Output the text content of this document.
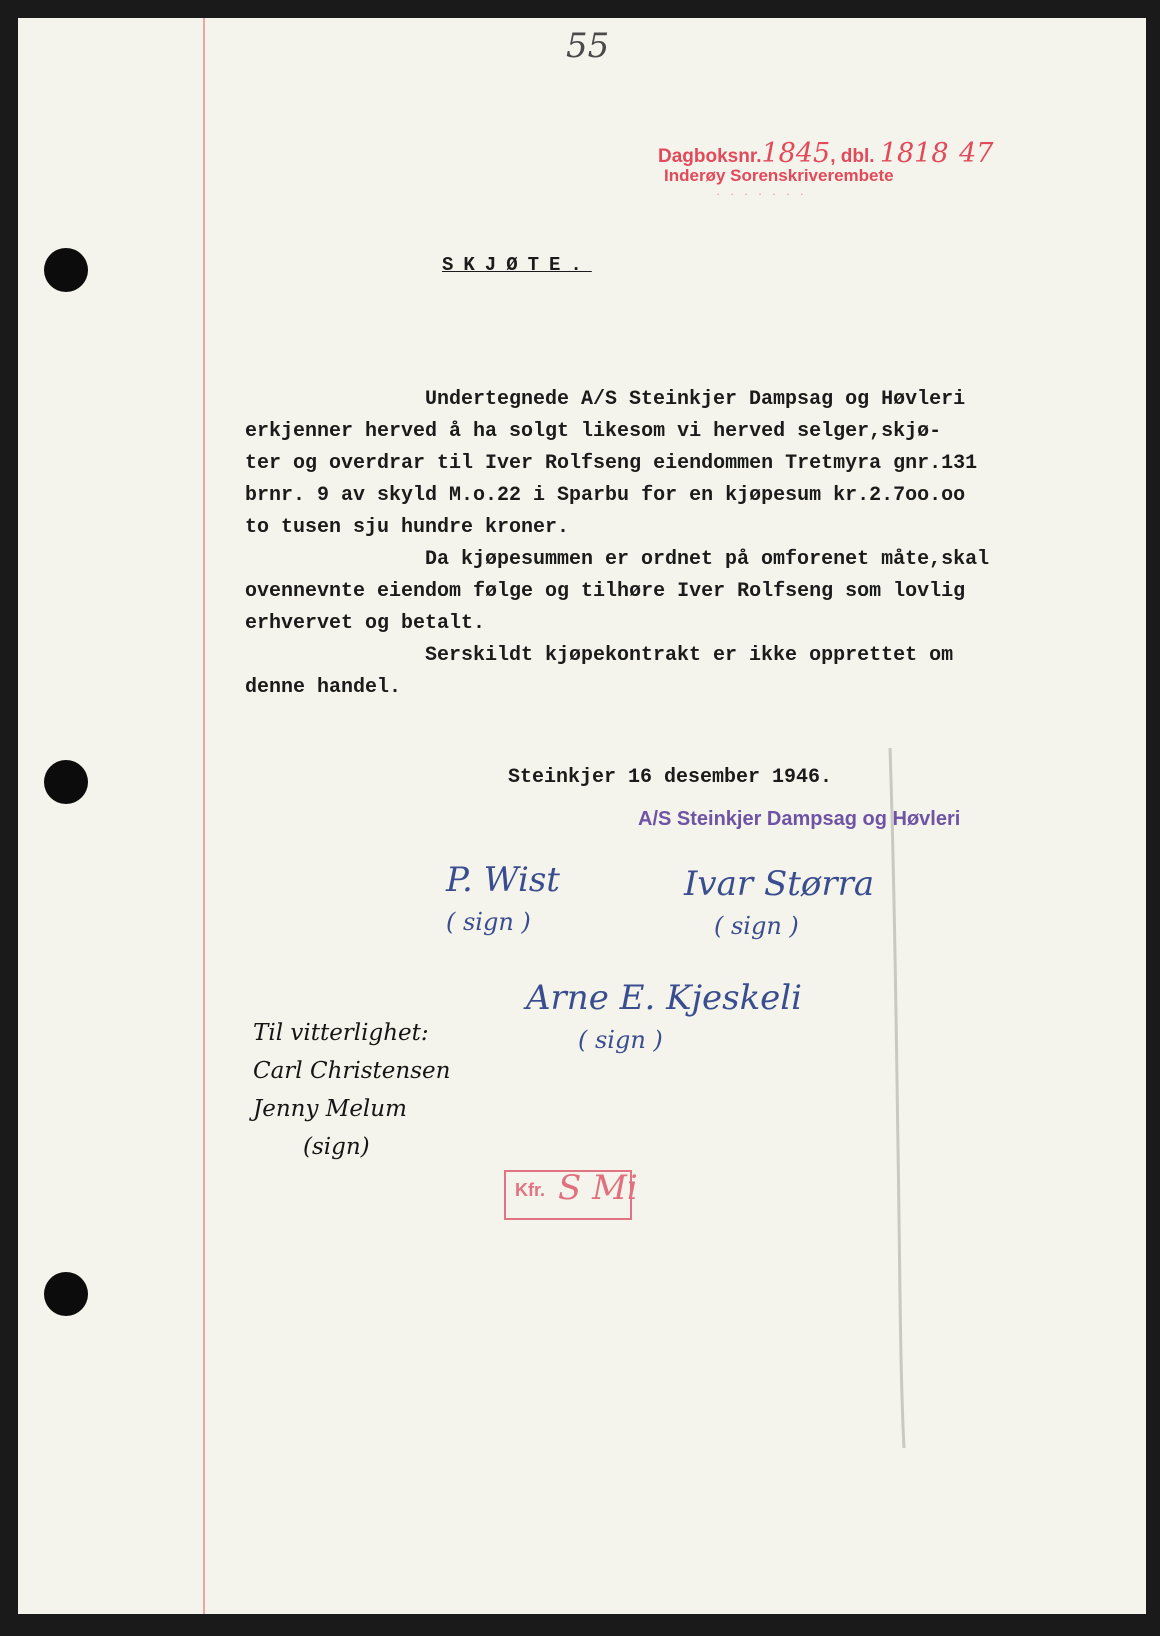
55
Dagboksnr.1845, dbl. 1818 47
Inderøy Sorenskriverembete
· · · · · · ·
SKJØTE.

Undertegnede A/S Steinkjer Dampsag og Høvleri

erkjenner herved å ha solgt likesom vi herved selger,skjø-

ter og overdrar til Iver Rolfseng eiendommen Tretmyra gnr.131

brnr. 9 av skyld M.o.22 i Sparbu for en kjøpesum kr.2.7oo.oo

to tusen sju hundre kroner.

Da kjøpesummen er ordnet på omforenet måte,skal

ovennevnte eiendom følge og tilhøre Iver Rolfseng som lovlig

erhvervet og betalt.

Serskildt kjøpekontrakt er ikke opprettet om

denne handel.

Steinkjer 16 desember 1946.
A/S Steinkjer Dampsag og Høvleri
P. Wist
( sign )
Ivar Størra
( sign )
Arne E. Kjeskeli
( sign )
Til vitterlighet:
Carl Christensen
Jenny Melum
(sign)
Kfr. S Mi
